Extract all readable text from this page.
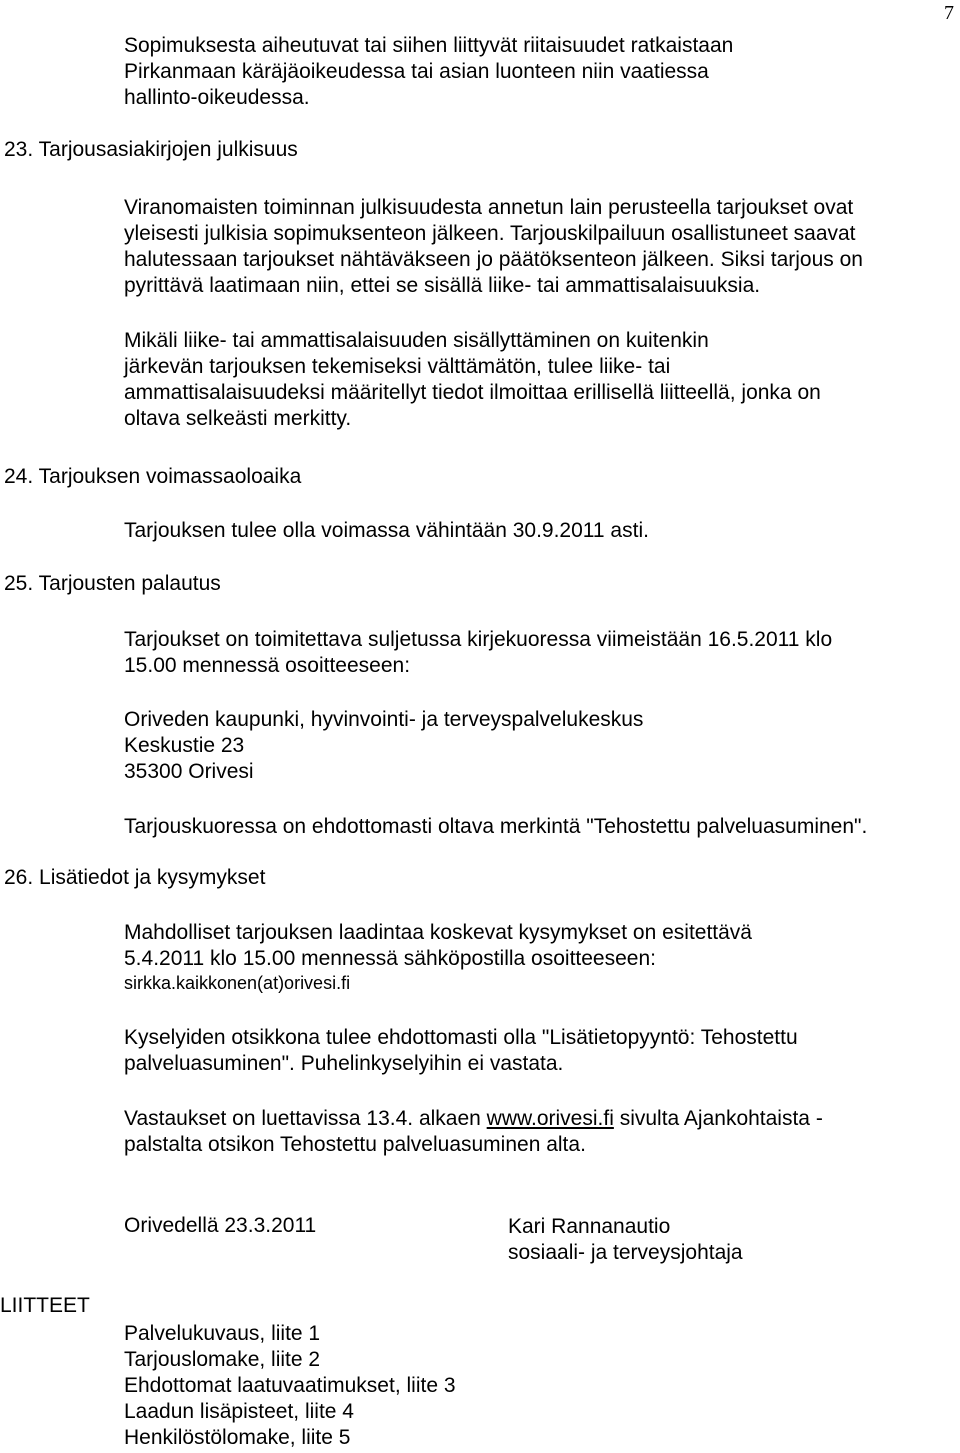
7
Sopimuksesta aiheutuvat tai siihen liittyvät riitaisuudet ratkaistaan
Pirkanmaan käräjäoikeudessa tai asian luonteen niin vaatiessa
hallinto-oikeudessa.
23. Tarjousasiakirjojen julkisuus
Viranomaisten toiminnan julkisuudesta annetun lain perusteella tarjoukset ovat
yleisesti julkisia sopimuksenteon jälkeen. Tarjouskilpailuun osallistuneet saavat
halutessaan tarjoukset nähtäväkseen jo päätöksenteon jälkeen. Siksi tarjous on
pyrittävä laatimaan niin, ettei se sisällä liike- tai ammattisalaisuuksia.
Mikäli liike- tai ammattisalaisuuden sisällyttäminen on kuitenkin
järkevän tarjouksen tekemiseksi välttämätön, tulee liike- tai
ammattisalaisuudeksi määritellyt tiedot ilmoittaa erillisellä liitteellä, jonka on
oltava selkeästi merkitty.
24. Tarjouksen voimassaoloaika
Tarjouksen tulee olla voimassa vähintään 30.9.2011 asti.
25. Tarjousten palautus
Tarjoukset on toimitettava suljetussa kirjekuoressa viimeistään 16.5.2011 klo
15.00 mennessä osoitteeseen:
Oriveden kaupunki, hyvinvointi- ja terveyspalvelukeskus
Keskustie 23
35300 Orivesi
Tarjouskuoressa on ehdottomasti oltava merkintä "Tehostettu palveluasuminen".
26. Lisätiedot ja kysymykset
Mahdolliset tarjouksen laadintaa koskevat kysymykset on esitettävä
5.4.2011 klo 15.00 mennessä sähköpostilla osoitteeseen:
sirkka.kaikkonen(at)orivesi.fi
Kyselyiden otsikkona tulee ehdottomasti olla "Lisätietopyyntö: Tehostettu
palveluasuminen". Puhelinkyselyihin ei vastata.
Vastaukset on luettavissa 13.4. alkaen www.orivesi.fi sivulta Ajankohtaista -
palstalta otsikon Tehostettu palveluasuminen alta.
Orivedellä 23.3.2011	Kari Rannanautio
sosiaali- ja terveysjohtaja
LIITTEET
Palvelukuvaus, liite 1
Tarjouslomake, liite 2
Ehdottomat laatuvaatimukset, liite 3
Laadun lisäpisteet, liite 4
Henkilöstölomake, liite 5
